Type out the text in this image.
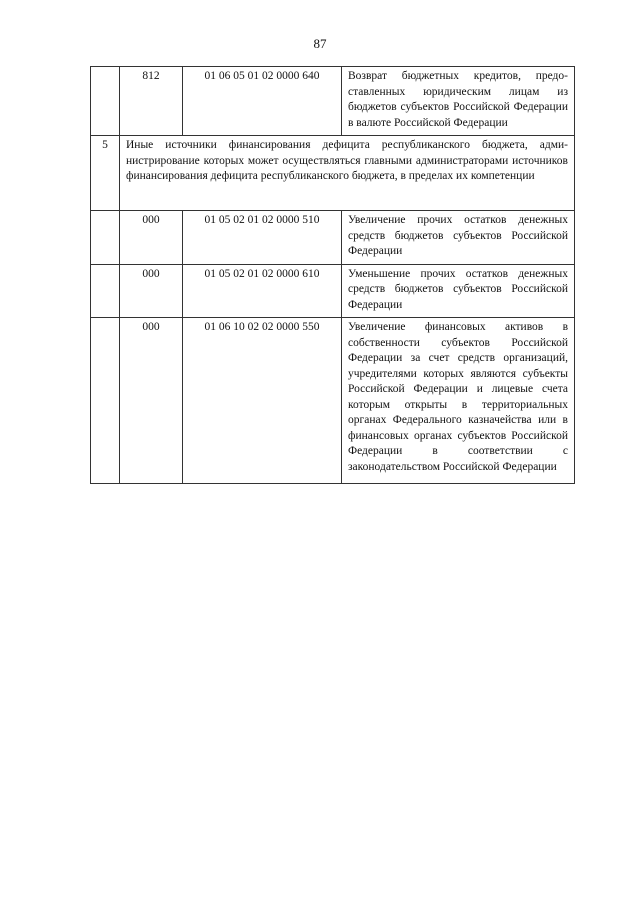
87
	812	01 06 05 01 02 0000 640	Возврат бюджетных кредитов, предоставленных юридическим лицам из бюджетов субъектов Российской Федерации в валюте Российской Федерации
5	Иные источники финансирования дефицита республиканского бюджета, администрирование которых может осуществляться главными администраторами источников финансирования дефицита республиканского бюджета, в пределах их компетенции		
	000	01 05 02 01 02 0000 510	Увеличение прочих остатков денежных средств бюджетов субъектов Российской Федерации
	000	01 05 02 01 02 0000 610	Уменьшение прочих остатков денежных средств бюджетов субъектов Российской Федерации
	000	01 06 10 02 02 0000 550	Увеличение финансовых активов в собственности субъектов Российской Федерации за счет средств организаций, учредителями которых являются субъекты Российской Федерации и лицевые счета которым открыты в территориальных органах Федерального казначейства или в финансовых органах субъектов Российской Федерации в соответствии с законодательством Российской Федерации
